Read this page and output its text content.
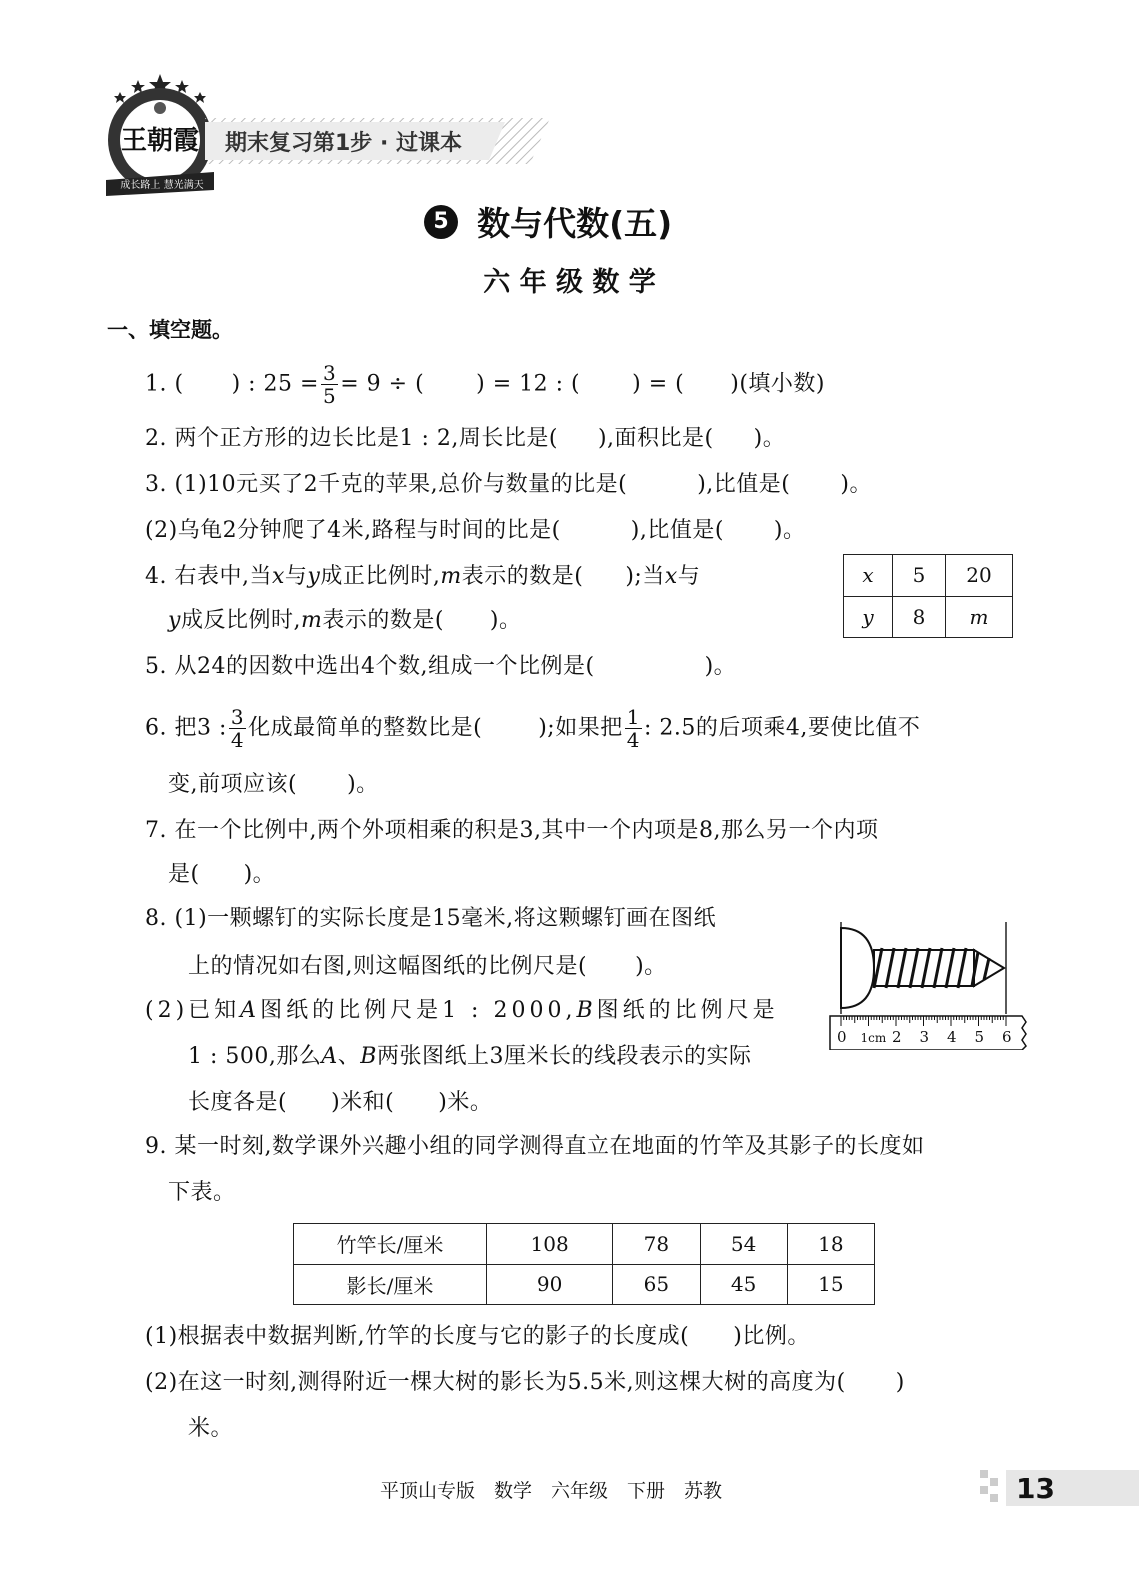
王朝霞
成长路上 慧光满天
期末复习第1步 · 过课本
5 数与代数(五)
六 年 级 数 学
一、填空题。
1. ( ) : $25 = \frac{3}{5} = 9$ ÷ ( ) = 12 : ( ) = ( )(填小数)
2. 两个正方形的边长比是1 : 2,周长比是( ),面积比是( )。
3. (1)10元买了2千克的苹果,总价与数量的比是(	),比值是( )。
(2)乌龟2分钟爬了4米,路程与时间的比是(	),比值是( )。
4. 右表中,当x与y成正比例时,m表示的数是( );当x与
y成反比例时,m表示的数是( )。
x	5	20
y	8	m
5. 从24的因数中选出4个数,组成一个比例是(	)。
6. 把3 : $\frac{3}{4}$ 化成最简单的整数比是(	);如果把 $\frac{1}{4}$ : 2.5的后项乘4,要使比值不
变,前项应该( )。
7. 在一个比例中,两个外项相乘的积是3,其中一个内项是8,那么另一个内项
是( )。
8. (1)一颗螺钉的实际长度是15毫米,将这颗螺钉画在图纸
上的情况如右图,则这幅图纸的比例尺是( )。
(2)已知A图纸的比例尺是1 : 2000,B图纸的比例尺是
1 : 500,那么A、B两张图纸上3厘米长的线段表示的实际
长度各是( )米和( )米。
0 1cm 2 3 4 5 6
9. 某一时刻,数学课外兴趣小组的同学测得直立在地面的竹竿及其影子的长度如
下表。
竹竿长/厘米	108	78	54	18
影长/厘米	90	65	45	15
(1)根据表中数据判断,竹竿的长度与它的影子的长度成( )比例。
(2)在这一时刻,测得附近一棵大树的影长为5.5米,则这棵大树的高度为( )
米。
平顶山专版　数学　六年级　下册　苏教	13
